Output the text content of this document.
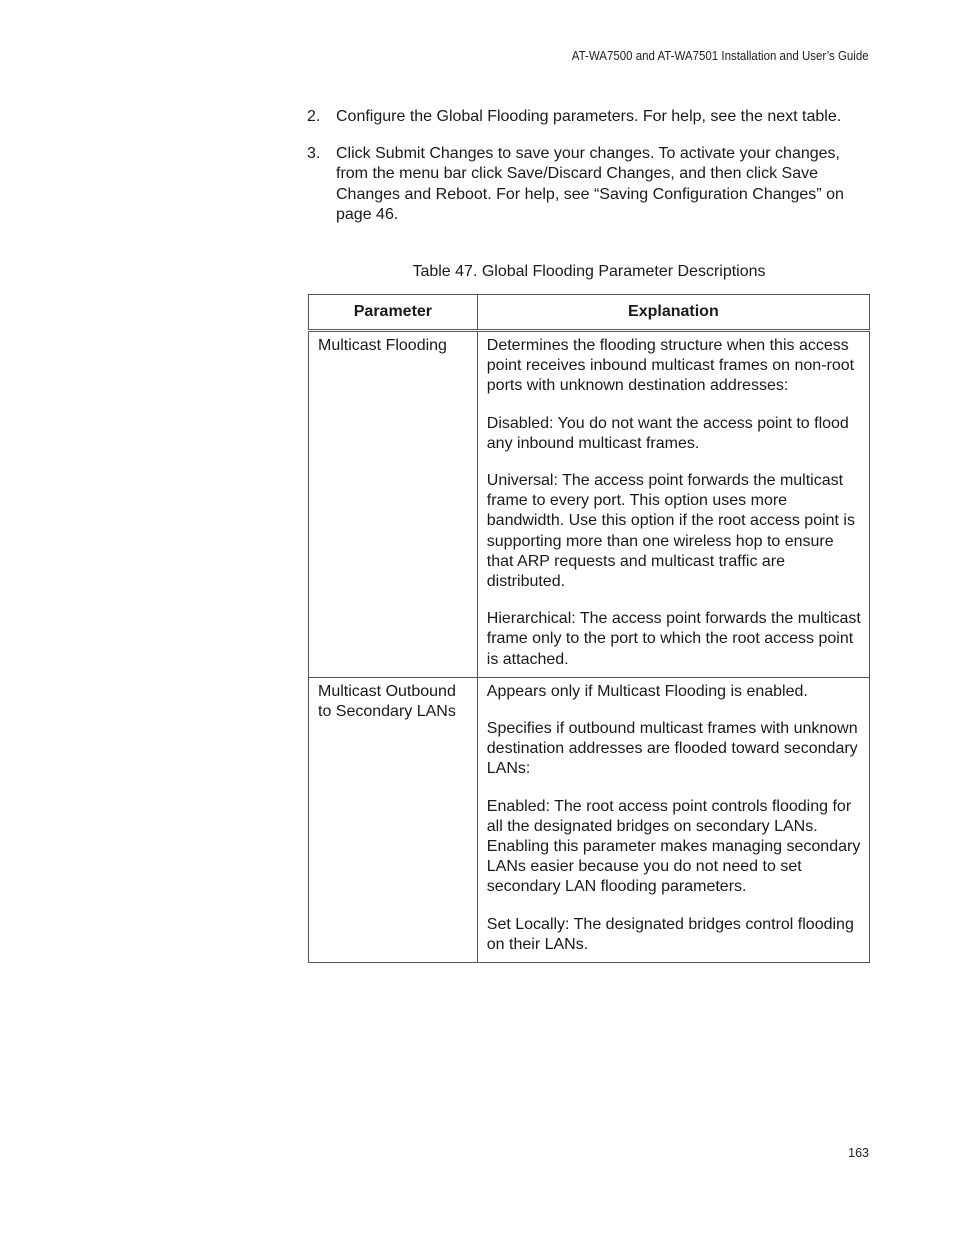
AT-WA7500 and AT-WA7501 Installation and User’s Guide
2. Configure the Global Flooding parameters. For help, see the next table.
3. Click Submit Changes to save your changes. To activate your changes, from the menu bar click Save/Discard Changes, and then click Save Changes and Reboot. For help, see “Saving Configuration Changes” on page 46.
Table 47. Global Flooding Parameter Descriptions
Parameter	Explanation
Multicast Flooding	Determines the flooding structure when this access point receives inbound multicast frames on non-root ports with unknown destination addresses:

Disabled: You do not want the access point to flood any inbound multicast frames.

Universal: The access point forwards the multicast frame to every port. This option uses more bandwidth. Use this option if the root access point is supporting more than one wireless hop to ensure that ARP requests and multicast traffic are distributed.

Hierarchical: The access point forwards the multicast frame only to the port to which the root access point is attached.

Multicast Outbound to Secondary LANs	Appears only if Multicast Flooding is enabled.

Specifies if outbound multicast frames with unknown destination addresses are flooded toward secondary LANs:

Enabled: The root access point controls flooding for all the designated bridges on secondary LANs. Enabling this parameter makes managing secondary LANs easier because you do not need to set secondary LAN flooding parameters.

Set Locally: The designated bridges control flooding on their LANs.

163
